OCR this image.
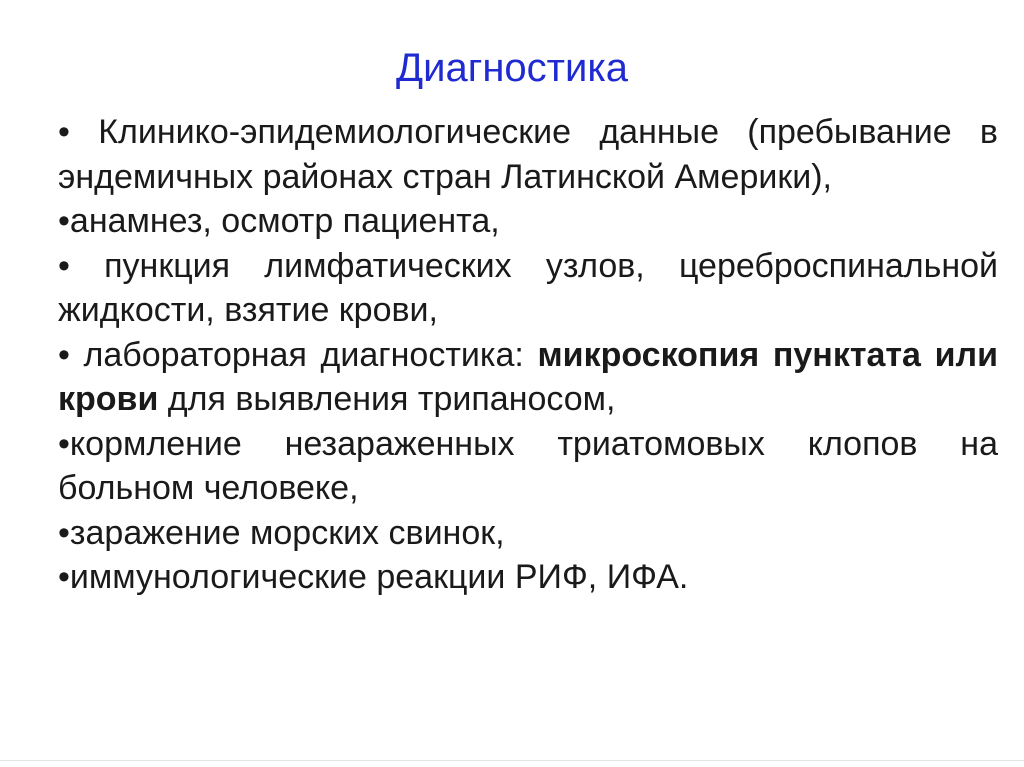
Диагностика

• Клинико-эпидемиологические данные (пребывание в эндемичных районах стран Латинской Америки),

•анамнез, осмотр пациента,

• пункция лимфатических узлов, цереброспинальной жидкости, взятие крови,

• лабораторная диагностика: микроскопия пунктата или крови для выявления трипаносом,

•кормление незараженных триатомовых клопов на больном человеке,

•заражение морских свинок,

•иммунологические реакции РИФ, ИФА.
